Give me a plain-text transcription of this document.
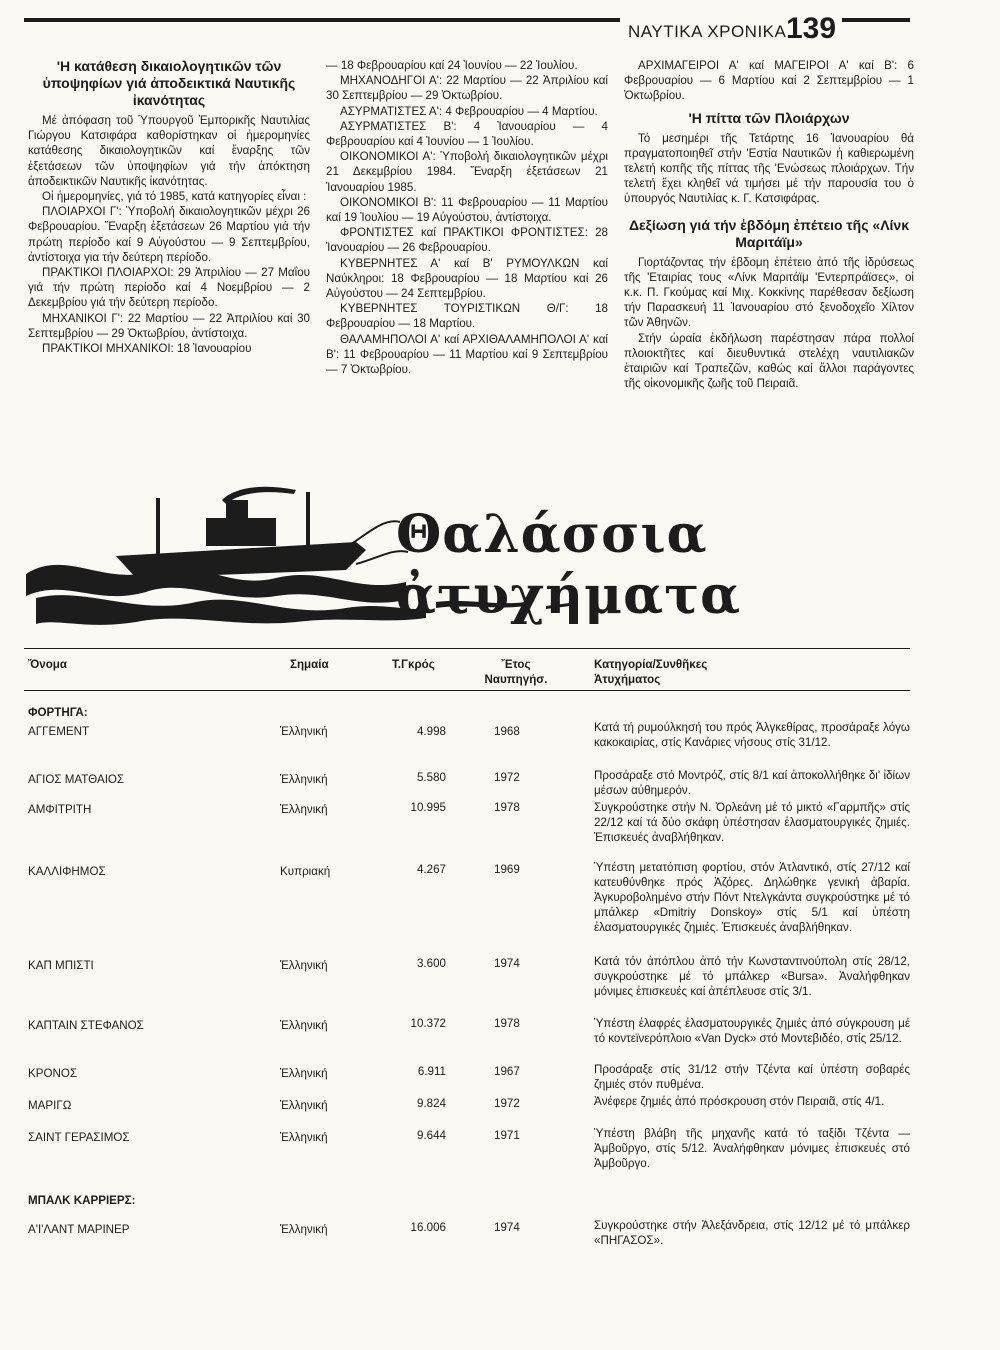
ΝΑΥΤΙΚΑ ΧΡΟΝΙΚΑ 139
'Η κατάθεση δικαιολογητικῶν τῶν ὑποψηφίων γιά ἀποδεικτικά Ναυτικῆς ἰκανότητας

Μέ ἀπόφαση τοῦ Ὑπουργοῦ Ἐμπορικῆς Ναυτιλίας Γιώργου Κατσιφάρα καθορίστηκαν οἱ ἡμερομηνίες κατάθεσης δικαιολογητικῶν καί ἔναρξης τῶν ἐξετάσεων τῶν ὑποψηφίων γιά τήν ἀπόκτηση ἀποδεικτικῶν Ναυτικῆς ἰκανότητας.

Οἱ ἡμερομηνίες, γιά τό 1985, κατά κατηγορίες εἶναι :

ΠΛΟΙΑΡΧΟΙ Γ': Ὑποβολή δικαιολογητικῶν μέχρι 26 Φεβρουαρίου. Ἔναρξη ἐξετάσεων 26 Μαρτίου γιά τήν πρώτη περίοδο καί 9 Αὐγούστου — 9 Σεπτεμβρίου, ἀντίστοιχα για τήν δεύτερη περίοδο.

ΠΡΑΚΤΙΚΟΙ ΠΛΟΙΑΡΧΟΙ: 29 Ἀπριλίου — 27 Μαΐου γιά τήν πρώτη περίοδο καί 4 Νοεμβρίου — 2 Δεκεμβρίου γιά τήν δεύτερη περίοδο.

ΜΗΧΑΝΙΚΟΙ Γ': 22 Μαρτίου — 22 Ἀπριλίου καί 30 Σεπτεμβρίου — 29 Ὀκτωβρίου, ἀντίστοιχα.

ΠΡΑΚΤΙΚΟΙ ΜΗΧΑΝΙΚΟΙ: 18 Ἰανουαρίου

— 18 Φεβρουαρίου καί 24 Ἰουνίου — 22 Ἰουλίου.

ΜΗΧΑΝΟΔΗΓΟΙ Α': 22 Μαρτίου — 22 Ἀπριλίου καί 30 Σεπτεμβρίου — 29 Ὀκτωβρίου.

ΑΣΥΡΜΑΤΙΣΤΕΣ Α': 4 Φεβρουαρίου — 4 Μαρτίου.

ΑΣΥΡΜΑΤΙΣΤΕΣ Β': 4 Ἰανουαρίου — 4 Φεβρουαρίου καί 4 Ἰουνίου — 1 Ἰουλίου.

ΟΙΚΟΝΟΜΙΚΟΙ Α': Ὑποβολή δικαιολογητικῶν μέχρι 21 Δεκεμβρίου 1984. Ἔναρξη ἐξετάσεων 21 Ἰανουαρίου 1985.

ΟΙΚΟΝΟΜΙΚΟΙ Β': 11 Φεβρουαρίου — 11 Μαρτίου καί 19 Ἰουλίου — 19 Αὐγούστου, ἀντίστοιχα.

ΦΡΟΝΤΙΣΤΕΣ καί ΠΡΑΚΤΙΚΟΙ ΦΡΟΝΤΙΣΤΕΣ: 28 Ἰανουαρίου — 26 Φεβρουαρίου.

ΚΥΒΕΡΝΗΤΕΣ Α' καί Β' ΡΥΜΟΥΛΚΩΝ καί Ναύκληροι: 18 Φεβρουαρίου — 18 Μαρτίου καί 26 Αὐγούστου — 24 Σεπτεμβρίου.

ΚΥΒΕΡΝΗΤΕΣ ΤΟΥΡΙΣΤΙΚΩΝ Θ/Γ: 18 Φεβρουαρίου — 18 Μαρτίου.

ΘΑΛΑΜΗΠΟΛΟΙ Α' καί ΑΡΧΙΘΑΛΑΜΗΠΟΛΟΙ Α' καί Β': 11 Φεβρουαρίου — 11 Μαρτίου καί 9 Σεπτεμβρίου — 7 Ὀκτωβρίου.

ΑΡΧΙΜΑΓΕΙΡΟΙ Α' καί ΜΑΓΕΙΡΟΙ Α' καί Β': 6 Φεβρουαρίου — 6 Μαρτίου καί 2 Σεπτεμβρίου — 1 Ὀκτωβρίου.

'Η πίττα τῶν Πλοιάρχων

Τό μεσημέρι τῆς Τετάρτης 16 Ἰανουαρίου θά πραγματοποιηθεῖ στήν 'Εστία Ναυτικῶν ἡ καθιερωμένη τελετή κοπῆς τῆς πίττας τῆς 'Ενώσεως πλοιάρχων. Τήν τελετή ἔχει κληθεῖ νά τιμήσει μέ τήν παρουσία του ὁ ὑπουργός Ναυτιλίας κ. Γ. Κατσιφάρας.

Δεξίωση γιά τήν ἑβδόμη ἐπέτειο τῆς «Λίνκ Μαριτάϊμ»

Γιορτάζοντας τήν ἑβδομη ἐπέτειο ἀπό τῆς ἱδρύσεως τῆς 'Εταιρίας τους «Λίνκ Μαριτάϊμ 'Εντερπράϊσες», οἱ κ.κ. Π. Γκούμας καί Μιχ. Κοκκίνης παρέθεσαν δεξίωση τήν Παρασκευή 11 Ἰανουαρίου στό ξενοδοχεῖο Χίλτον τῶν Ἀθηνῶν.

Στήν ὡραία ἐκδήλωση παρέστησαν πάρα πολλοί πλοιοκτῆτες καί διευθυντικά στελέχη ναυτιλιακῶν ἑταιριῶν καί Τραπεζῶν, καθώς καί ἄλλοι παράγοντες τῆς οἰκονομικῆς ζωῆς τοῦ Πειραιᾶ.

Θαλάσσια ἀτυχήματα
Ὄνομα	Σημαία	Τ.Γκρός	Ἔτος
Ναυπηγήσ.
Κατηγορία/Συνθῆκες
Ἀτυχήματος
ΦΟΡΤΗΓΑ:
ΑΓΓΕΜΕΝΤ	Ἑλληνική	4.998	1968	Κατά τή ρυμούλκησή του πρός Ἀλγκεθίρας, προσάραξε λόγω κακοκαιρίας, στίς Κανάριες νήσους στίς 31/12.
ΑΓΙΟΣ ΜΑΤΘΑΙΟΣ	Ἑλληνική	5.580	1972	Προσάραξε στό Μοντρόζ, στίς 8/1 καί ἀποκολλήθηκε δι' ἰδίων μέσων αὐθημερόν.
ΑΜΦΙΤΡΙΤΗ	Ἑλληνική	10.995	1978	Συγκρούστηκε στήν Ν. Ὀρλεάνη μέ τό μικτό «Γαρμπῆς» στίς 22/12 καί τά δύο σκάφη ὑπέστησαν ἐλασματουργικές ζημιές. Ἐπισκευές ἀναβλήθηκαν.
ΚΑΛΛΙΦΗΜΟΣ	Κυπριακή	4.267	1969	Ὑπέστη μετατόπιση φορτίου, στόν Ἀτλαντικό, στίς 27/12 καί κατευθύνθηκε πρός Ἀζόρες. Δηλώθηκε γενική ἀβαρία. Ἀγκυροβολημένο στήν Πόντ Ντελγκάντα συγκρούστηκε μέ τό μπάλκερ «Dmitriy Donskoy» στίς 5/1 καί ὑπέστη ἐλασματουργικές ζημιές. Ἐπισκευές ἀναβλήθηκαν.
ΚΑΠ ΜΠΙΣΤΙ	Ἑλληνική	3.600	1974	Κατά τόν ἀπόπλου ἀπό τήν Κωνσταντινούπολη στίς 28/12, συγκρούστηκε μέ τό μπάλκερ «Bursa». Ἀναλήφθηκαν μόνιμες ἐπισκευές καί ἀπέπλευσε στίς 3/1.
ΚΑΠΤΑΙΝ ΣΤΕΦΑΝΟΣ	Ἑλληνική	10.372	1978	Ὑπέστη ἐλαφρές ἐλασματουργικές ζημιές ἀπό σύγκρουση μέ τό κοντεϊνερόπλοιο «Van Dyck» στό Μοντεβιδέο, στίς 25/12.
ΚΡΟΝΟΣ	Ἑλληνική	6.911	1967	Προσάραξε στίς 31/12 στήν Τζέντα καί ὑπέστη σοβαρές ζημιές στόν πυθμένα.
ΜΑΡΙΓΩ	Ἑλληνική	9.824	1972	Ἀνέφερε ζημιές ἀπό πρόσκρουση στόν Πειραιᾶ, στίς 4/1.
ΣΑΙΝΤ ΓΕΡΑΣΙΜΟΣ	Ἑλληνική	9.644	1971	Ὑπέστη βλάβη τῆς μηχανῆς κατά τό ταξίδι Τζέντα — Ἀμβοῦργο, στίς 5/12. Ἀναλήφθηκαν μόνιμες ἐπισκευές στό Ἀμβοῦργο.
ΜΠΑΛΚ ΚΑΡΡΙΕΡΣ:
Α'Ι'ΛΑΝΤ ΜΑΡΙΝΕΡ	Ἑλληνική	16.006	1974	Συγκρούστηκε στήν Ἀλεξάνδρεια, στίς 12/12 μέ τό μπάλκερ «ΠΗΓΑΣΟΣ».
